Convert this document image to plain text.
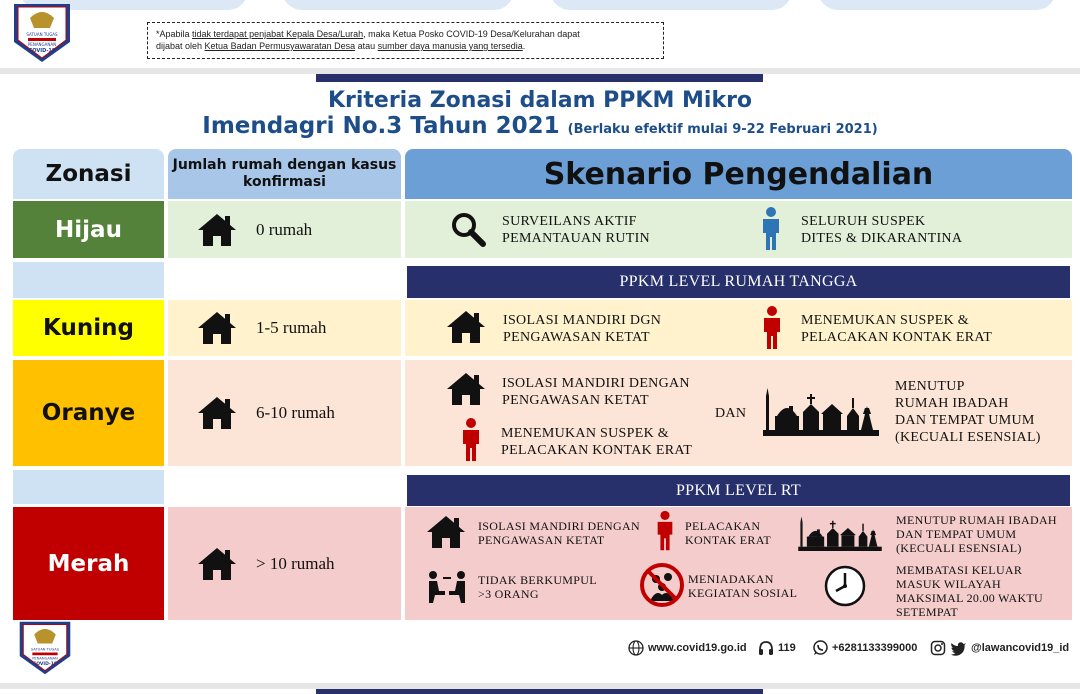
SATUAN TUGAS
PENANGANAN
COVID-19
*Apabila tidak terdapat penjabat Kepala Desa/Lurah, maka Ketua Posko COVID-19 Desa/Kelurahan dapat
dijabat oleh Ketua Badan Permusyawaratan Desa atau sumber daya manusia yang tersedia.
Kriteria Zonasi dalam PPKM Mikro
Imendagri No.3 Tahun 2021 (Berlaku efektif mulai 9-22 Februari 2021)
Zonasi	Jumlah rumah dengan kasus konfirmasi	Skenario Pengendalian
Hijau	0 rumah	SURVEILANS AKTIF
PEMANTAUAN RUTIN
SELURUH SUSPEK
DITES & DIKARANTINA
PPKM LEVEL RUMAH TANGGA
Kuning	1-5 rumah	ISOLASI MANDIRI DGN
PENGAWASAN KETAT
MENEMUKAN SUSPEK &
PELACAKAN KONTAK ERAT
Oranye	6-10 rumah
ISOLASI MANDIRI DENGAN
PENGAWASAN KETAT
MENEMUKAN SUSPEK &
PELACAKAN KONTAK ERAT
DAN
MENUTUP
RUMAH IBADAH
DAN TEMPAT UMUM
(KECUALI ESENSIAL)
PPKM LEVEL RT
Merah	> 10 rumah
ISOLASI MANDIRI DENGAN
PENGAWASAN KETAT
PELACAKAN
KONTAK ERAT
MENUTUP RUMAH IBADAH
DAN TEMPAT UMUM
(KECUALI ESENSIAL)
TIDAK BERKUMPUL
>3 ORANG
MENIADAKAN
KEGIATAN SOSIAL
MEMBATASI KELUAR
MASUK WILAYAH
MAKSIMAL 20.00 WAKTU
SETEMPAT
SATUAN TUGAS
PENANGANAN
COVID-19
www.covid19.go.id	119	+6281133399000	@lawancovid19_id
